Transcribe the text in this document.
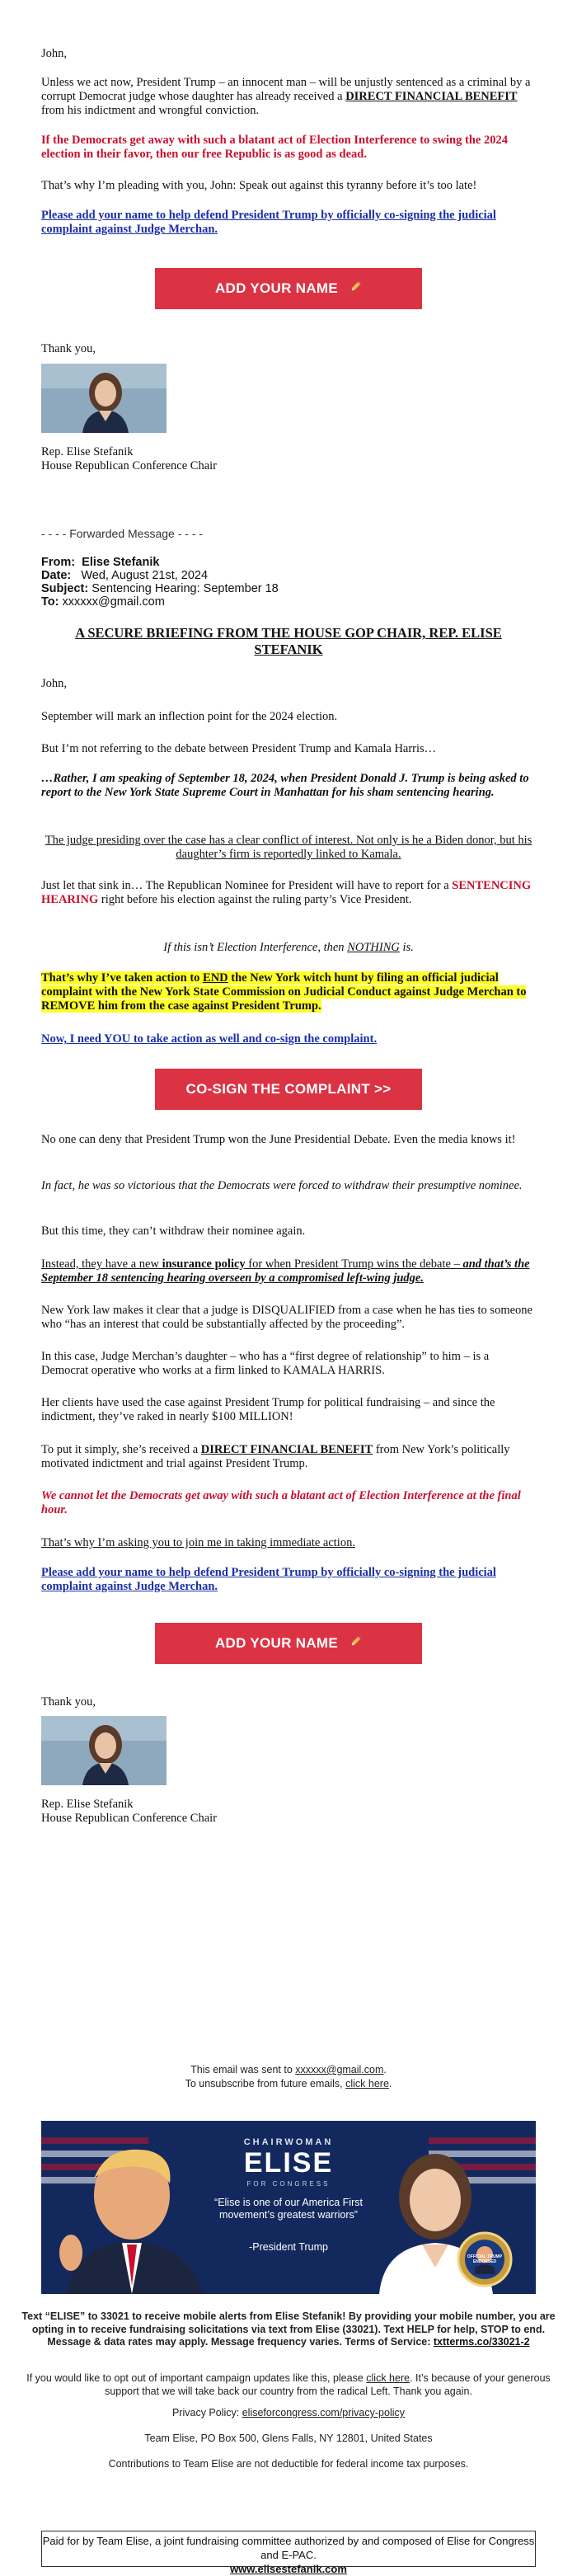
John,
Unless we act now, President Trump – an innocent man – will be unjustly sentenced as a criminal by a corrupt Democrat judge whose daughter has already received a DIRECT FINANCIAL BENEFIT from his indictment and wrongful conviction.
If the Democrats get away with such a blatant act of Election Interference to swing the 2024 election in their favor, then our free Republic is as good as dead.
That’s why I’m pleading with you, John: Speak out against this tyranny before it’s too late!
Please add your name to help defend President Trump by officially co-signing the judicial complaint against Judge Merchan.
ADD YOUR NAME
Thank you,
Rep. Elise Stefanik
House Republican Conference Chair
- - - - Forwarded Message - - - -
From: Elise Stefanik
Date: Wed, August 21st, 2024
Subject: Sentencing Hearing: September 18
To: xxxxxx@gmail.com
A SECURE BRIEFING FROM THE HOUSE GOP CHAIR, REP. ELISE STEFANIK
John,
September will mark an inflection point for the 2024 election.
But I’m not referring to the debate between President Trump and Kamala Harris…
…Rather, I am speaking of September 18, 2024, when President Donald J. Trump is being asked to report to the New York State Supreme Court in Manhattan for his sham sentencing hearing.
The judge presiding over the case has a clear conflict of interest. Not only is he a Biden donor, but his daughter’s firm is reportedly linked to Kamala.
Just let that sink in… The Republican Nominee for President will have to report for a SENTENCING HEARING right before his election against the ruling party’s Vice President.
If this isn’t Election Interference, then NOTHING is.
That’s why I’ve taken action to END the New York witch hunt by filing an official judicial complaint with the New York State Commission on Judicial Conduct against Judge Merchan to REMOVE him from the case against President Trump.
Now, I need YOU to take action as well and co-sign the complaint.
CO-SIGN THE COMPLAINT >>
No one can deny that President Trump won the June Presidential Debate. Even the media knows it!
In fact, he was so victorious that the Democrats were forced to withdraw their presumptive nominee.
But this time, they can’t withdraw their nominee again.
Instead, they have a new insurance policy for when President Trump wins the debate – and that’s the September 18 sentencing hearing overseen by a compromised left-wing judge.
New York law makes it clear that a judge is DISQUALIFIED from a case when he has ties to someone who “has an interest that could be substantially affected by the proceeding”.
In this case, Judge Merchan’s daughter – who has a “first degree of relationship” to him – is a Democrat operative who works at a firm linked to KAMALA HARRIS.
Her clients have used the case against President Trump for political fundraising – and since the indictment, they’ve raked in nearly $100 MILLION!
To put it simply, she’s received a DIRECT FINANCIAL BENEFIT from New York’s politically motivated indictment and trial against President Trump.
We cannot let the Democrats get away with such a blatant act of Election Interference at the final hour.
That’s why I’m asking you to join me in taking immediate action.
Please add your name to help defend President Trump by officially co-signing the judicial complaint against Judge Merchan.
ADD YOUR NAME
Thank you,
Rep. Elise Stefanik
House Republican Conference Chair
This email was sent to xxxxxx@gmail.com.
To unsubscribe from future emails, click here.
CHAIRWOMAN
ELISE
FOR CONGRESS
“Elise is one of our America First movement’s greatest warriors”
-President Trump
OFFICIAL TRUMP ENDORSED
Text “ELISE” to 33021 to receive mobile alerts from Elise Stefanik! By providing your mobile number, you are opting in to receive fundraising solicitations via text from Elise (33021). Text HELP for help, STOP to end. Message & data rates may apply. Message frequency varies. Terms of Service: txtterms.co/33021-2
If you would like to opt out of important campaign updates like this, please click here. It’s because of your generous support that we will take back our country from the radical Left. Thank you again.
Privacy Policy: eliseforcongress.com/privacy-policy
Team Elise, PO Box 500, Glens Falls, NY 12801, United States
Contributions to Team Elise are not deductible for federal income tax purposes.
Paid for by Team Elise, a joint fundraising committee authorized by and composed of Elise for Congress and E-PAC.
www.elisestefanik.com
